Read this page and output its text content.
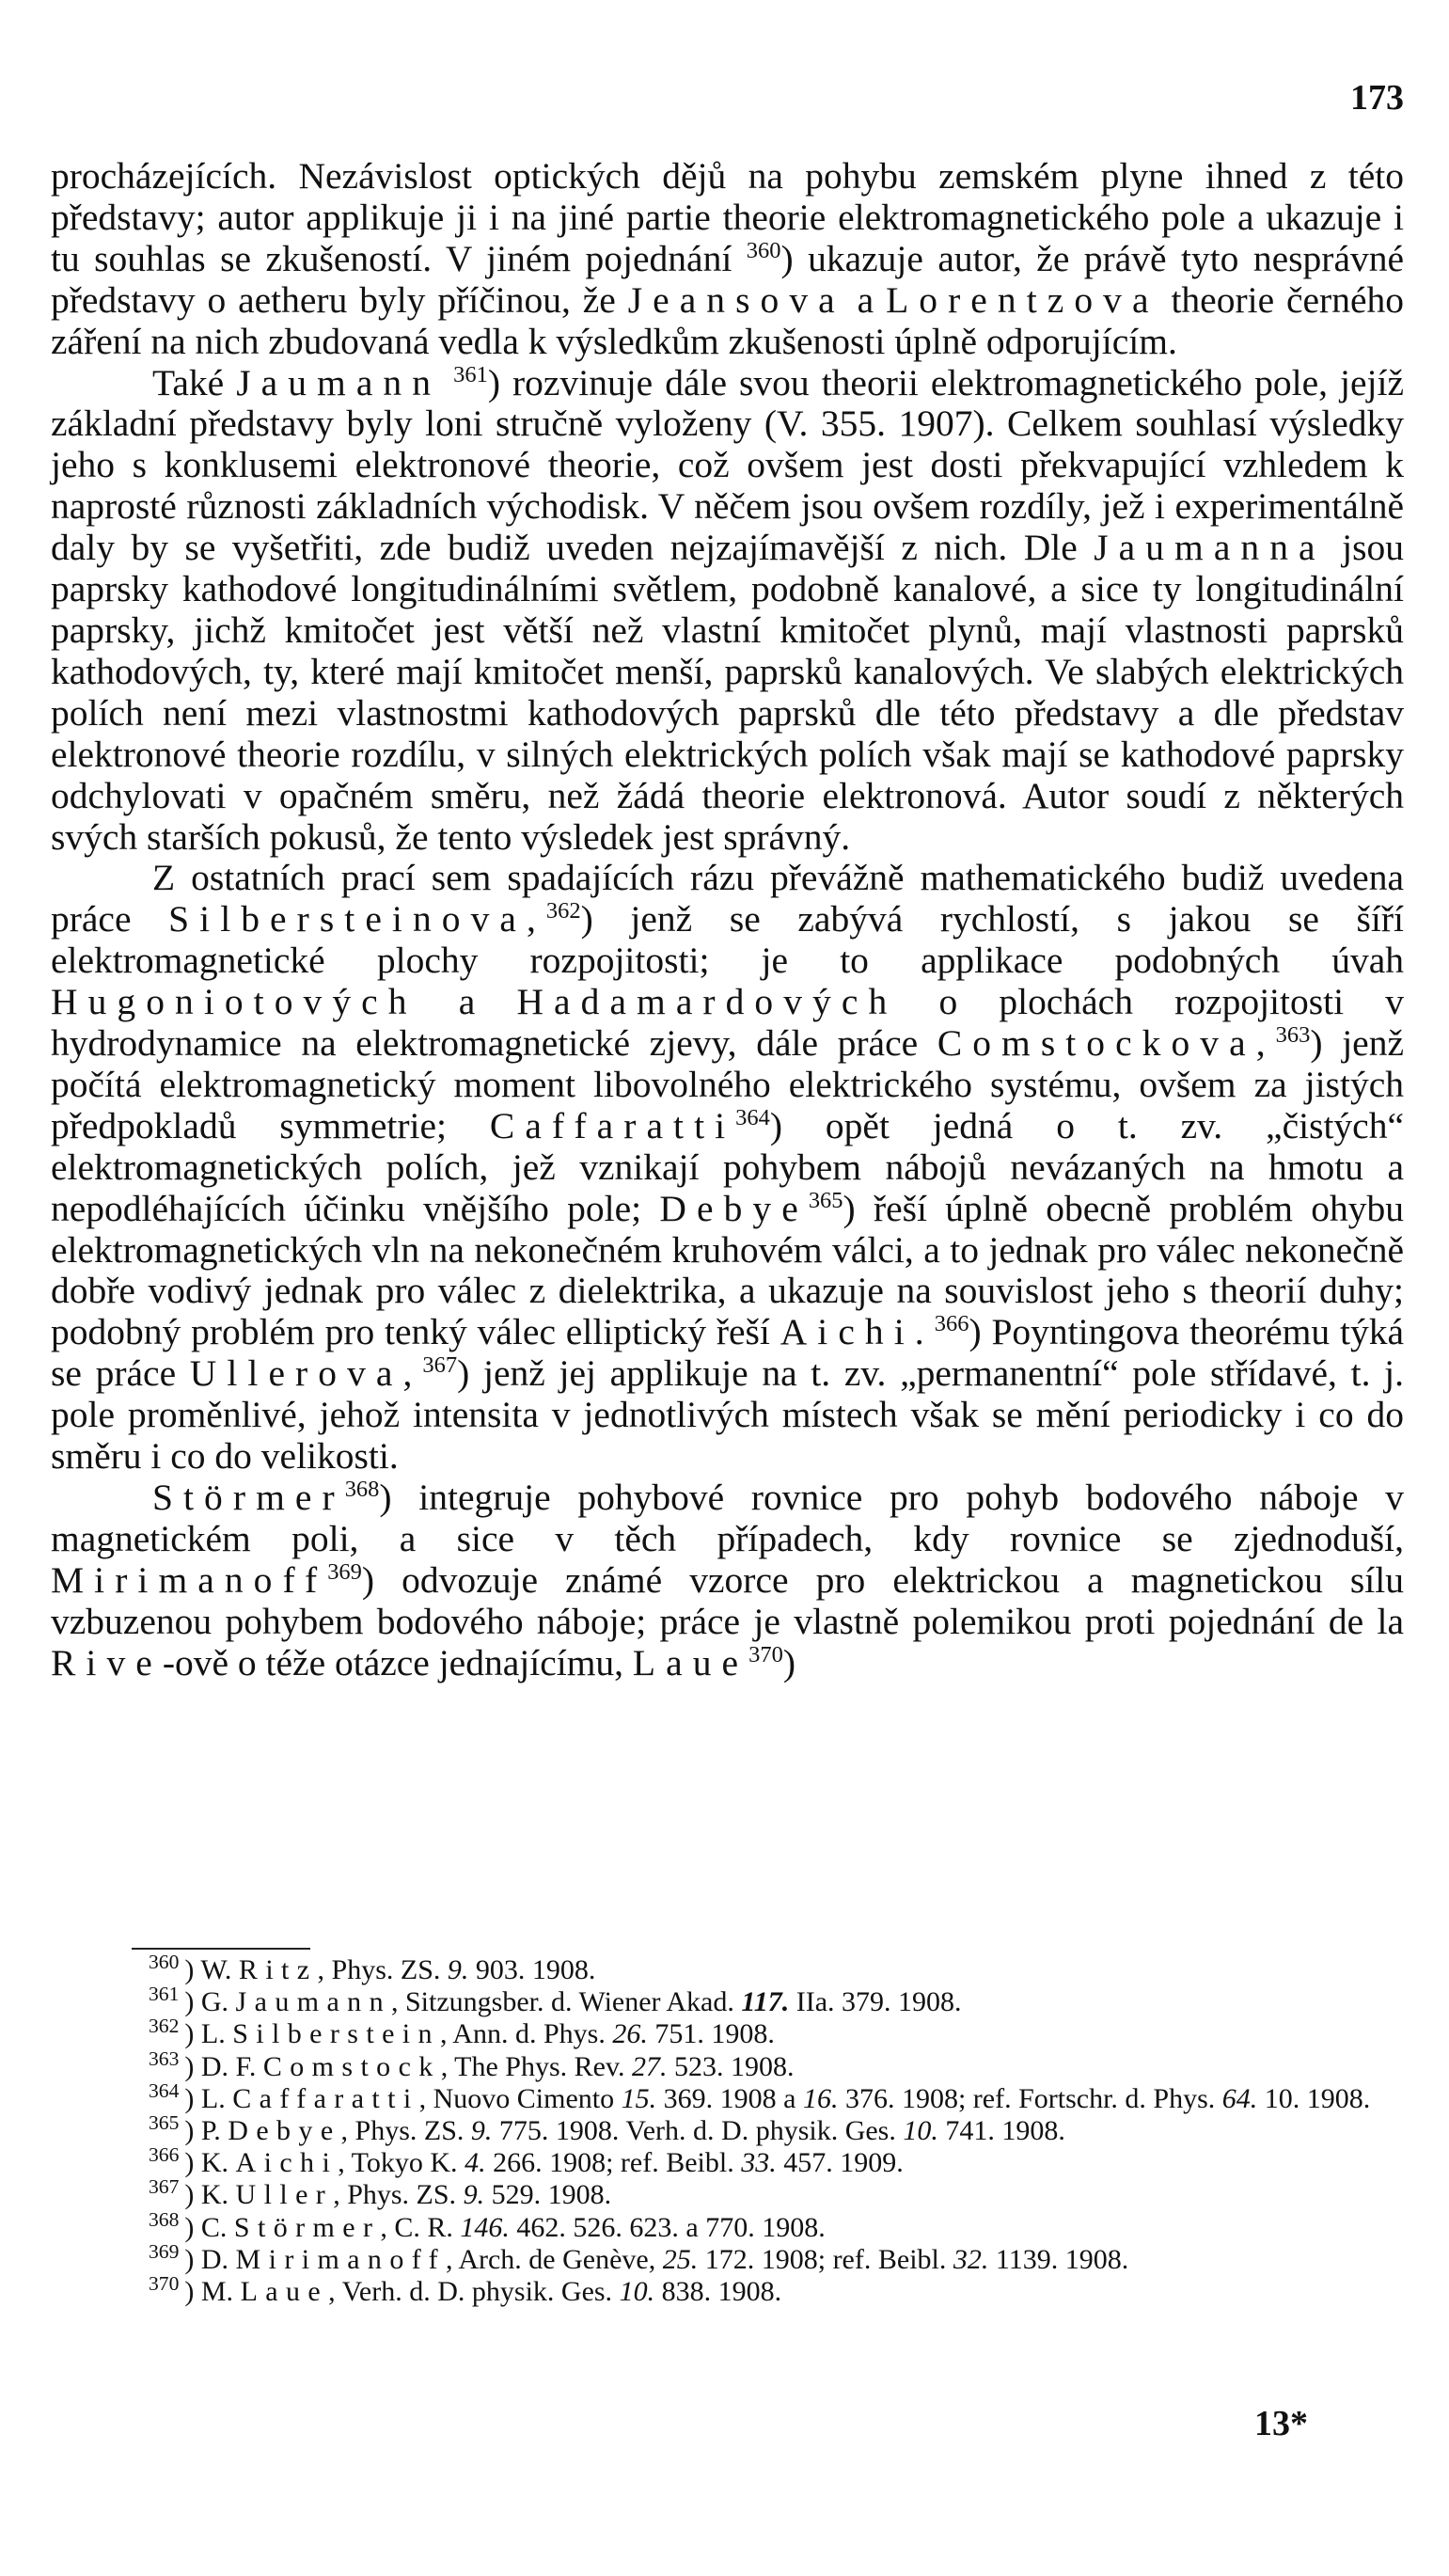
173

procházejících. Nezávislost optických dějů na pohybu zemském plyne ihned z této představy; autor applikuje ji i na jiné partie theorie elektromagnetického pole a ukazuje i tu souhlas se zkušeností. V jiném pojednání $^{360}$) ukazuje autor, že právě tyto nesprávné představy o aetheru byly příčinou, že Jeansova a Lorentzova theorie černého záření na nich zbudovaná vedla k výsledkům zkušenosti úplně odporujícím.

Také Jaumann $^{361}$) rozvinuje dále svou theorii elektromagnetického pole, jejíž základní představy byly loni stručně vyloženy (V. 355. 1907). Celkem souhlasí výsledky jeho s konklusemi elektronové theorie, což ovšem jest dosti překvapující vzhledem k naprosté různosti základních východisk. V něčem jsou ovšem rozdíly, jež i experimentálně daly by se vyšetřiti, zde budiž uveden nejzajímavější z nich. Dle Jaumanna jsou paprsky kathodové longitudinálními světlem, podobně kanalové, a sice ty longitudinální paprsky, jichž kmitočet jest větší než vlastní kmitočet plynů, mají vlastnosti paprsků kathodových, ty, které mají kmitočet menší, paprsků kanalových. Ve slabých elektrických polích není mezi vlastnostmi kathodových paprsků dle této představy a dle představ elektronové theorie rozdílu, v silných elektrických polích však mají se kathodové paprsky odchylovati v opačném směru, než žádá theorie elektronová. Autor soudí z některých svých starších pokusů, že tento výsledek jest správný.

Z ostatních prací sem spadajících rázu převážně mathematického budiž uvedena práce Silbersteinova,$^{362}$) jenž se zabývá rychlostí, s jakou se šíří elektromagnetické plochy rozpojitosti; je to applikace podobných úvah Hugoniotových a Hadamardových o plochách rozpojitosti v hydrodynamice na elektromagnetické zjevy, dále práce Comstockova,$^{363}$) jenž počítá elektromagnetický moment libovolného elektrického systému, ovšem za jistých předpokladů symmetrie; Caffaratti$^{364}$) opět jedná o t. zv. „čistých“ elektromagnetických polích, jež vznikají pohybem nábojů nevázaných na hmotu a nepodléhajících účinku vnějšího pole; Debye$^{365}$) řeší úplně obecně problém ohybu elektromagnetických vln na nekonečném kruhovém válci, a to jednak pro válec nekonečně dobře vodivý jednak pro válec z dielektrika, a ukazuje na souvislost jeho s theorií duhy; podobný problém pro tenký válec elliptický řeší Aichi.$^{366}$) Poyntingova theorému týká se práce Ullerova,$^{367}$) jenž jej applikuje na t. zv. „permanentní“ pole střídavé, t. j. pole proměnlivé, jehož intensita v jednotlivých místech však se mění periodicky i co do směru i co do velikosti.

Störmer$^{368}$) integruje pohybové rovnice pro pohyb bodového náboje v magnetickém poli, a sice v těch případech, kdy rovnice se zjednoduší, Mirimanoff$^{369}$) odvozuje známé vzorce pro elektrickou a magnetickou sílu vzbuzenou pohybem bodového náboje; práce je vlastně polemikou proti pojednání de la Rive-ově o téže otázce jednajícímu, Laue$^{370}$)

$^{360}$ ) W. Ritz, Phys. ZS. 9. 903. 1908.
$^{361}$ ) G. Jaumann, Sitzungsber. d. Wiener Akad. 117. IIa. 379. 1908.
$^{362}$ ) L. Silberstein, Ann. d. Phys. 26. 751. 1908.
$^{363}$ ) D. F. Comstock, The Phys. Rev. 27. 523. 1908.
$^{364}$ ) L. Caffaratti, Nuovo Cimento 15. 369. 1908 a 16. 376. 1908; ref. Fortschr. d. Phys. 64. 10. 1908.
$^{365}$ ) P. Debye, Phys. ZS. 9. 775. 1908. Verh. d. D. physik. Ges. 10. 741. 1908.
$^{366}$ ) K. Aichi, Tokyo K. 4. 266. 1908; ref. Beibl. 33. 457. 1909.
$^{367}$ ) K. Uller, Phys. ZS. 9. 529. 1908.
$^{368}$ ) C. Störmer, C. R. 146. 462. 526. 623. a 770. 1908.
$^{369}$ ) D. Mirimanoff, Arch. de Genève, 25. 172. 1908; ref. Beibl. 32. 1139. 1908.
$^{370}$ ) M. Laue, Verh. d. D. physik. Ges. 10. 838. 1908.
13*
